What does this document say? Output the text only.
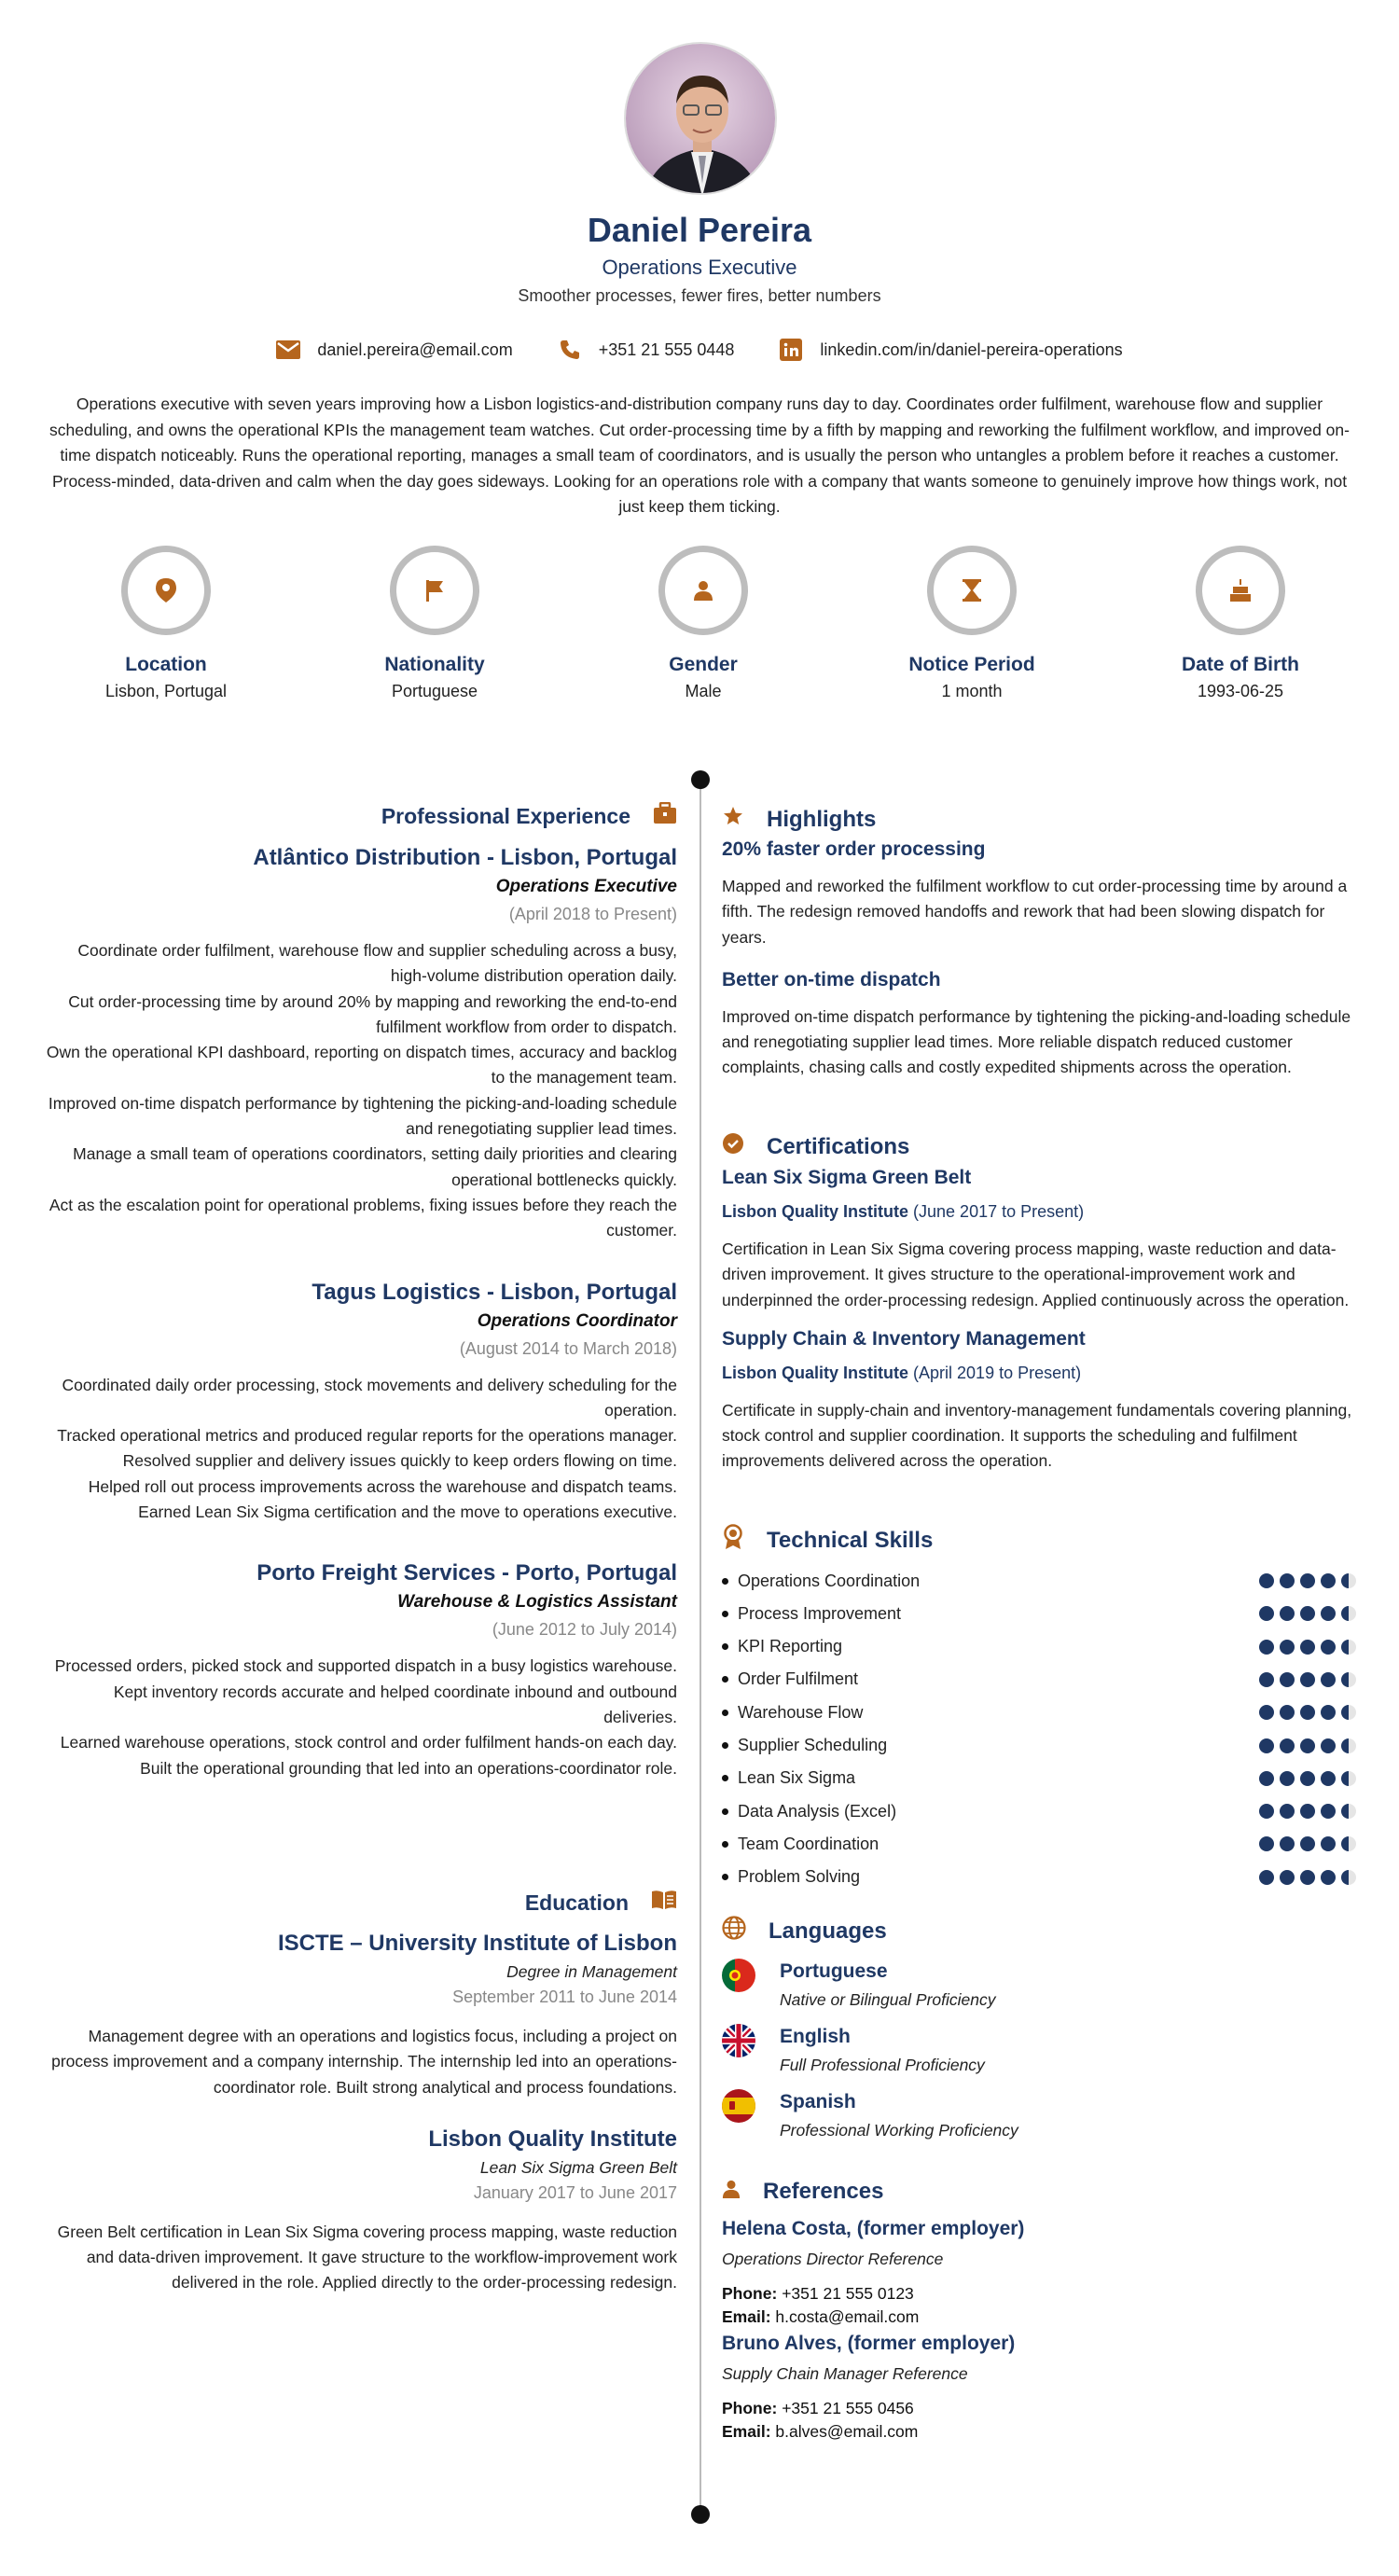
Daniel Pereira
Operations Executive
Smoother processes, fewer fires, better numbers
daniel.pereira@email.com	+351 21 555 0448	linkedin.com/in/daniel-pereira-operations

Operations executive with seven years improving how a Lisbon logistics-and-distribution company runs day to day. Coordinates order fulfilment, warehouse flow and supplier scheduling, and owns the operational KPIs the management team watches. Cut order-processing time by a fifth by mapping and reworking the fulfilment workflow, and improved on-time dispatch noticeably. Runs the operational reporting, manages a small team of coordinators, and is usually the person who untangles a problem before it reaches a customer. Process-minded, data-driven and calm when the day goes sideways. Looking for an operations role with a company that wants someone to genuinely improve how things work, not just keep them ticking.

Location
Lisbon, Portugal
Nationality
Portuguese
Gender
Male
Notice Period
1 month
Date of Birth
1993-06-25
Professional Experience
Atlântico Distribution - Lisbon, Portugal
Operations Executive
(April 2018 to Present)
Coordinate order fulfilment, warehouse flow and supplier scheduling across a busy, high-volume distribution operation daily.
Cut order-processing time by around 20% by mapping and reworking the end-to-end fulfilment workflow from order to dispatch.
Own the operational KPI dashboard, reporting on dispatch times, accuracy and backlog to the management team.
Improved on-time dispatch performance by tightening the picking-and-loading schedule and renegotiating supplier lead times.
Manage a small team of operations coordinators, setting daily priorities and clearing operational bottlenecks quickly.
Act as the escalation point for operational problems, fixing issues before they reach the customer.
Tagus Logistics - Lisbon, Portugal
Operations Coordinator
(August 2014 to March 2018)
Coordinated daily order processing, stock movements and delivery scheduling for the operation.
Tracked operational metrics and produced regular reports for the operations manager.
Resolved supplier and delivery issues quickly to keep orders flowing on time.
Helped roll out process improvements across the warehouse and dispatch teams.
Earned Lean Six Sigma certification and the move to operations executive.
Porto Freight Services - Porto, Portugal
Warehouse & Logistics Assistant
(June 2012 to July 2014)
Processed orders, picked stock and supported dispatch in a busy logistics warehouse.
Kept inventory records accurate and helped coordinate inbound and outbound deliveries.
Learned warehouse operations, stock control and order fulfilment hands-on each day.
Built the operational grounding that led into an operations-coordinator role.
Education
ISCTE – University Institute of Lisbon
Degree in Management
September 2011 to June 2014
Management degree with an operations and logistics focus, including a project on process improvement and a company internship. The internship led into an operations-coordinator role. Built strong analytical and process foundations.
Lisbon Quality Institute
Lean Six Sigma Green Belt
January 2017 to June 2017
Green Belt certification in Lean Six Sigma covering process mapping, waste reduction and data-driven improvement. It gave structure to the workflow-improvement work delivered in the role. Applied directly to the order-processing redesign.
Highlights
20% faster order processing
Mapped and reworked the fulfilment workflow to cut order-processing time by around a fifth. The redesign removed handoffs and rework that had been slowing dispatch for years.
Better on-time dispatch
Improved on-time dispatch performance by tightening the picking-and-loading schedule and renegotiating supplier lead times. More reliable dispatch reduced customer complaints, chasing calls and costly expedited shipments across the operation.
Certifications
Lean Six Sigma Green Belt
Lisbon Quality Institute (June 2017 to Present)
Certification in Lean Six Sigma covering process mapping, waste reduction and data-driven improvement. It gives structure to the operational-improvement work and underpinned the order-processing redesign. Applied continuously across the operation.
Supply Chain & Inventory Management
Lisbon Quality Institute (April 2019 to Present)
Certificate in supply-chain and inventory-management fundamentals covering planning, stock control and supplier coordination. It supports the scheduling and fulfilment improvements delivered across the operation.
Technical Skills
Operations Coordination
Process Improvement
KPI Reporting
Order Fulfilment
Warehouse Flow
Supplier Scheduling
Lean Six Sigma
Data Analysis (Excel)
Team Coordination
Problem Solving
Languages
Portuguese
Native or Bilingual Proficiency
English
Full Professional Proficiency
Spanish
Professional Working Proficiency
References
Helena Costa, (former employer)
Operations Director Reference
Phone: +351 21 555 0123
Email: h.costa@email.com
Bruno Alves, (former employer)
Supply Chain Manager Reference
Phone: +351 21 555 0456
Email: b.alves@email.com
